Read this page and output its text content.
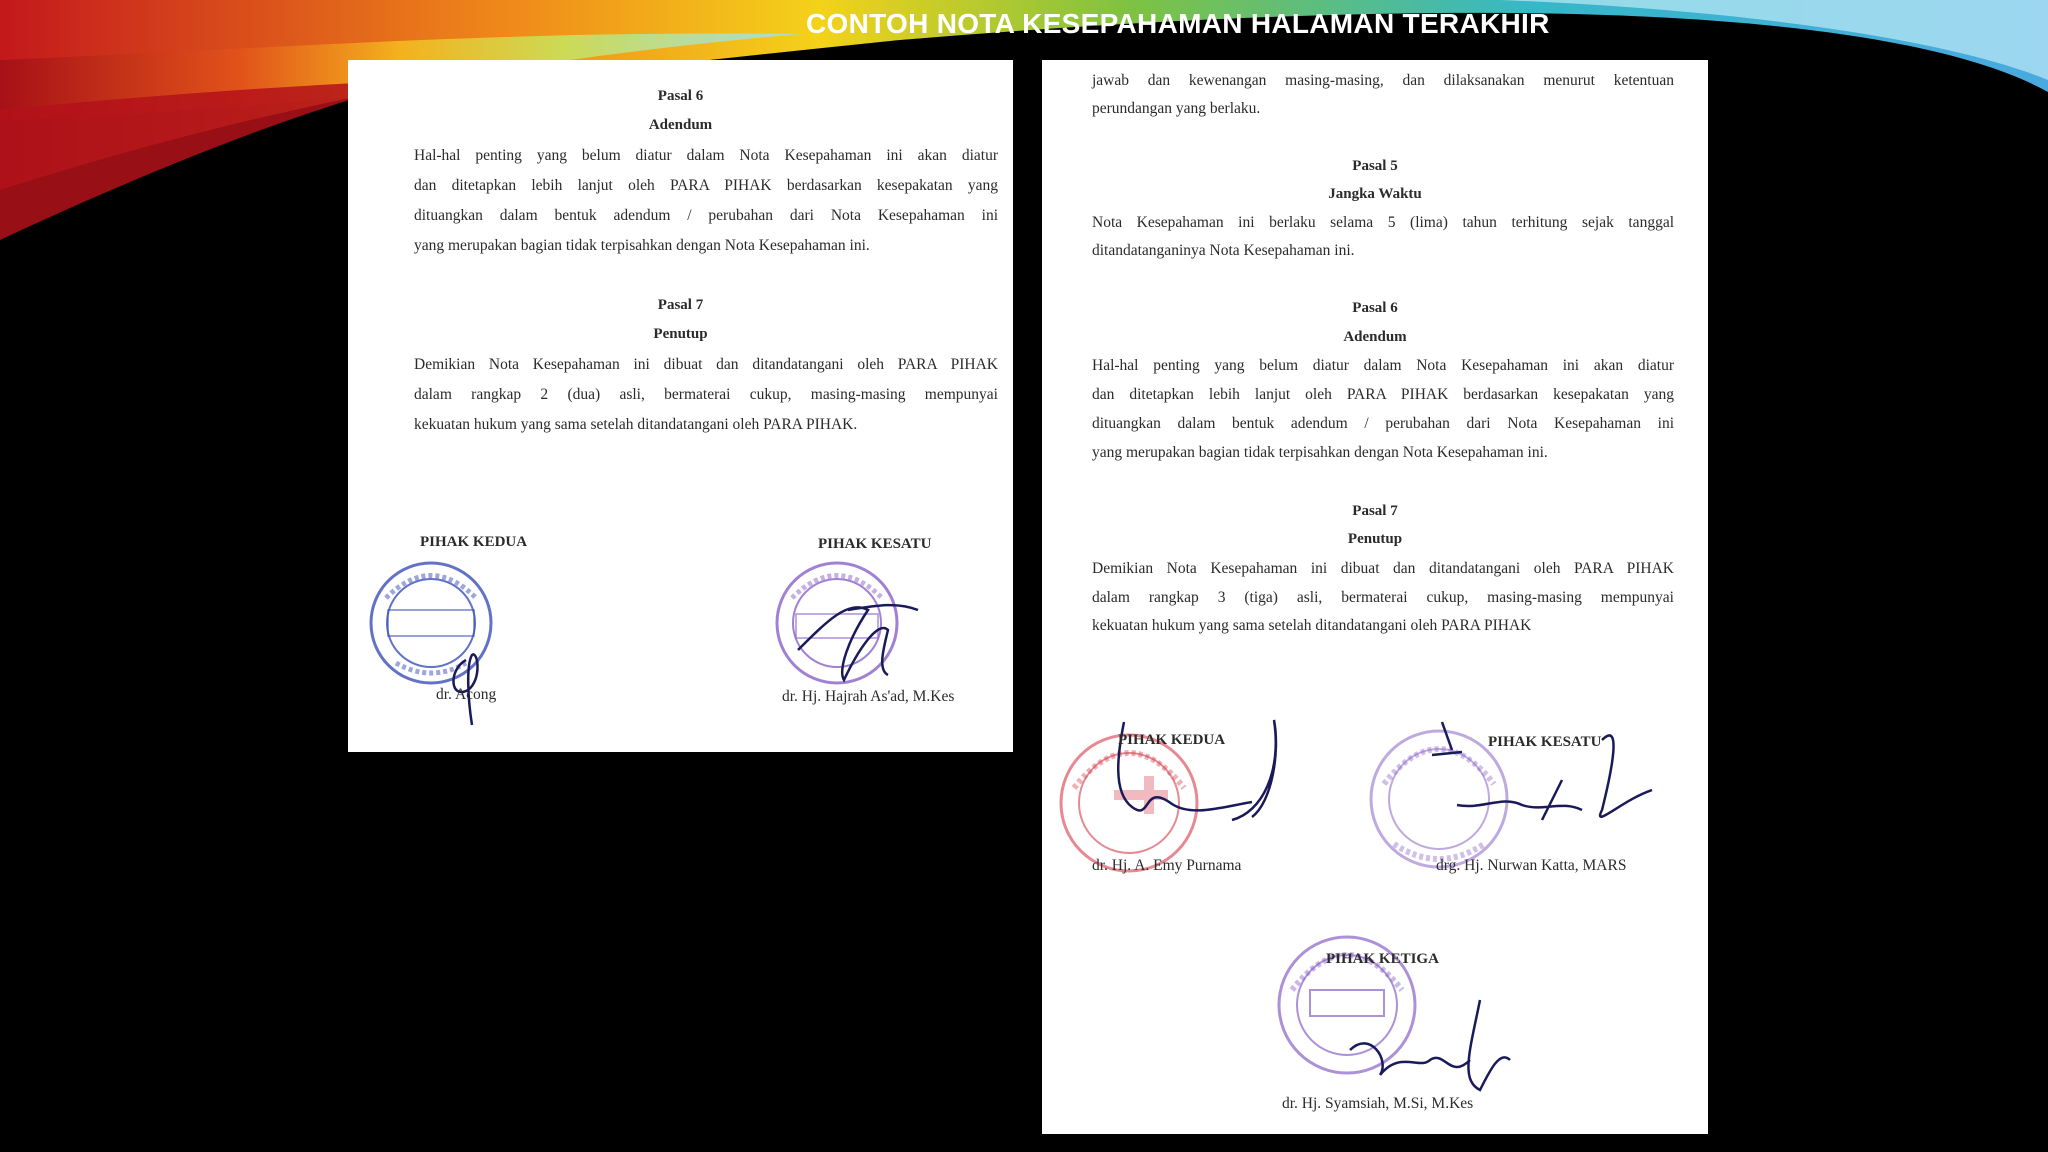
CONTOH NOTA KESEPAHAMAN HALAMAN TERAKHIR
Pasal 6
Adendum
Hal-hal penting yang belum diatur dalam Nota Kesepahaman ini akan diatur
dan ditetapkan lebih lanjut oleh PARA PIHAK berdasarkan kesepakatan yang
dituangkan dalam bentuk adendum / perubahan dari Nota Kesepahaman ini
yang merupakan bagian tidak terpisahkan dengan Nota Kesepahaman ini.
Pasal 7
Penutup
Demikian Nota Kesepahaman ini dibuat dan ditandatangani oleh PARA PIHAK
dalam rangkap 2 (dua) asli, bermaterai cukup, masing-masing mempunyai
kekuatan hukum yang sama setelah ditandatangani oleh PARA PIHAK.
PIHAK KEDUA	PIHAK KESATU
dr. Acong	dr. Hj. Hajrah As'ad, M.Kes
jawab dan kewenangan masing-masing, dan dilaksanakan menurut ketentuan
perundangan yang berlaku.
Pasal 5
Jangka Waktu
Nota Kesepahaman ini berlaku selama 5 (lima) tahun terhitung sejak tanggal
ditandatanganinya Nota Kesepahaman ini.
Pasal 6
Adendum
Hal-hal penting yang belum diatur dalam Nota Kesepahaman ini akan diatur
dan ditetapkan lebih lanjut oleh PARA PIHAK berdasarkan kesepakatan yang
dituangkan dalam bentuk adendum / perubahan dari Nota Kesepahaman ini
yang merupakan bagian tidak terpisahkan dengan Nota Kesepahaman ini.
Pasal 7
Penutup
Demikian Nota Kesepahaman ini dibuat dan ditandatangani oleh PARA PIHAK
dalam rangkap 3 (tiga) asli, bermaterai cukup, masing-masing mempunyai
kekuatan hukum yang sama setelah ditandatangani oleh PARA PIHAK
PIHAK KEDUA	PIHAK KESATU
dr. Hj. A. Emy Purnama	drg. Hj. Nurwan Katta, MARS
PIHAK KETIGA
dr. Hj. Syamsiah, M.Si, M.Kes
